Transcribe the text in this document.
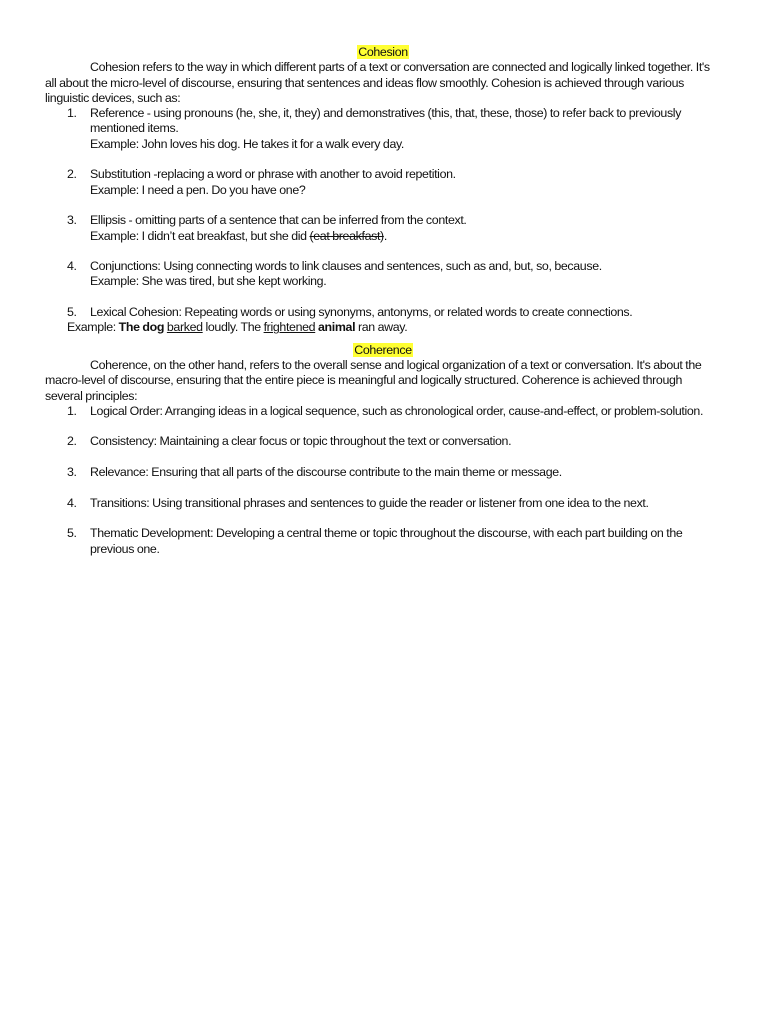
Cohesion

Cohesion refers to the way in which different parts of a text or conversation are connected and logically linked together. It's all about the micro-level of discourse, ensuring that sentences and ideas flow smoothly. Cohesion is achieved through various linguistic devices, such as:

1. Reference - using pronouns (he, she, it, they) and demonstratives (this, that, these, those) to refer back to previously mentioned items.
Example: John loves his dog. He takes it for a walk every day.
2. Substitution -replacing a word or phrase with another to avoid repetition.
Example: I need a pen. Do you have one?
3. Ellipsis - omitting parts of a sentence that can be inferred from the context.
Example: I didn’t eat breakfast, but she did (eat breakfast).
4. Conjunctions: Using connecting words to link clauses and sentences, such as and, but, so, because.
Example: She was tired, but she kept working.
5. Lexical Cohesion: Repeating words or using synonyms, antonyms, or related words to create connections.

Example: The dog barked loudly. The frightened animal ran away.

Coherence

Coherence, on the other hand, refers to the overall sense and logical organization of a text or conversation. It's about the macro-level of discourse, ensuring that the entire piece is meaningful and logically structured. Coherence is achieved through several principles:

1. Logical Order: Arranging ideas in a logical sequence, such as chronological order, cause-and-effect, or problem-solution.
2. Consistency: Maintaining a clear focus or topic throughout the text or conversation.
3. Relevance: Ensuring that all parts of the discourse contribute to the main theme or message.
4. Transitions: Using transitional phrases and sentences to guide the reader or listener from one idea to the next.
5. Thematic Development: Developing a central theme or topic throughout the discourse, with each part building on the previous one.
